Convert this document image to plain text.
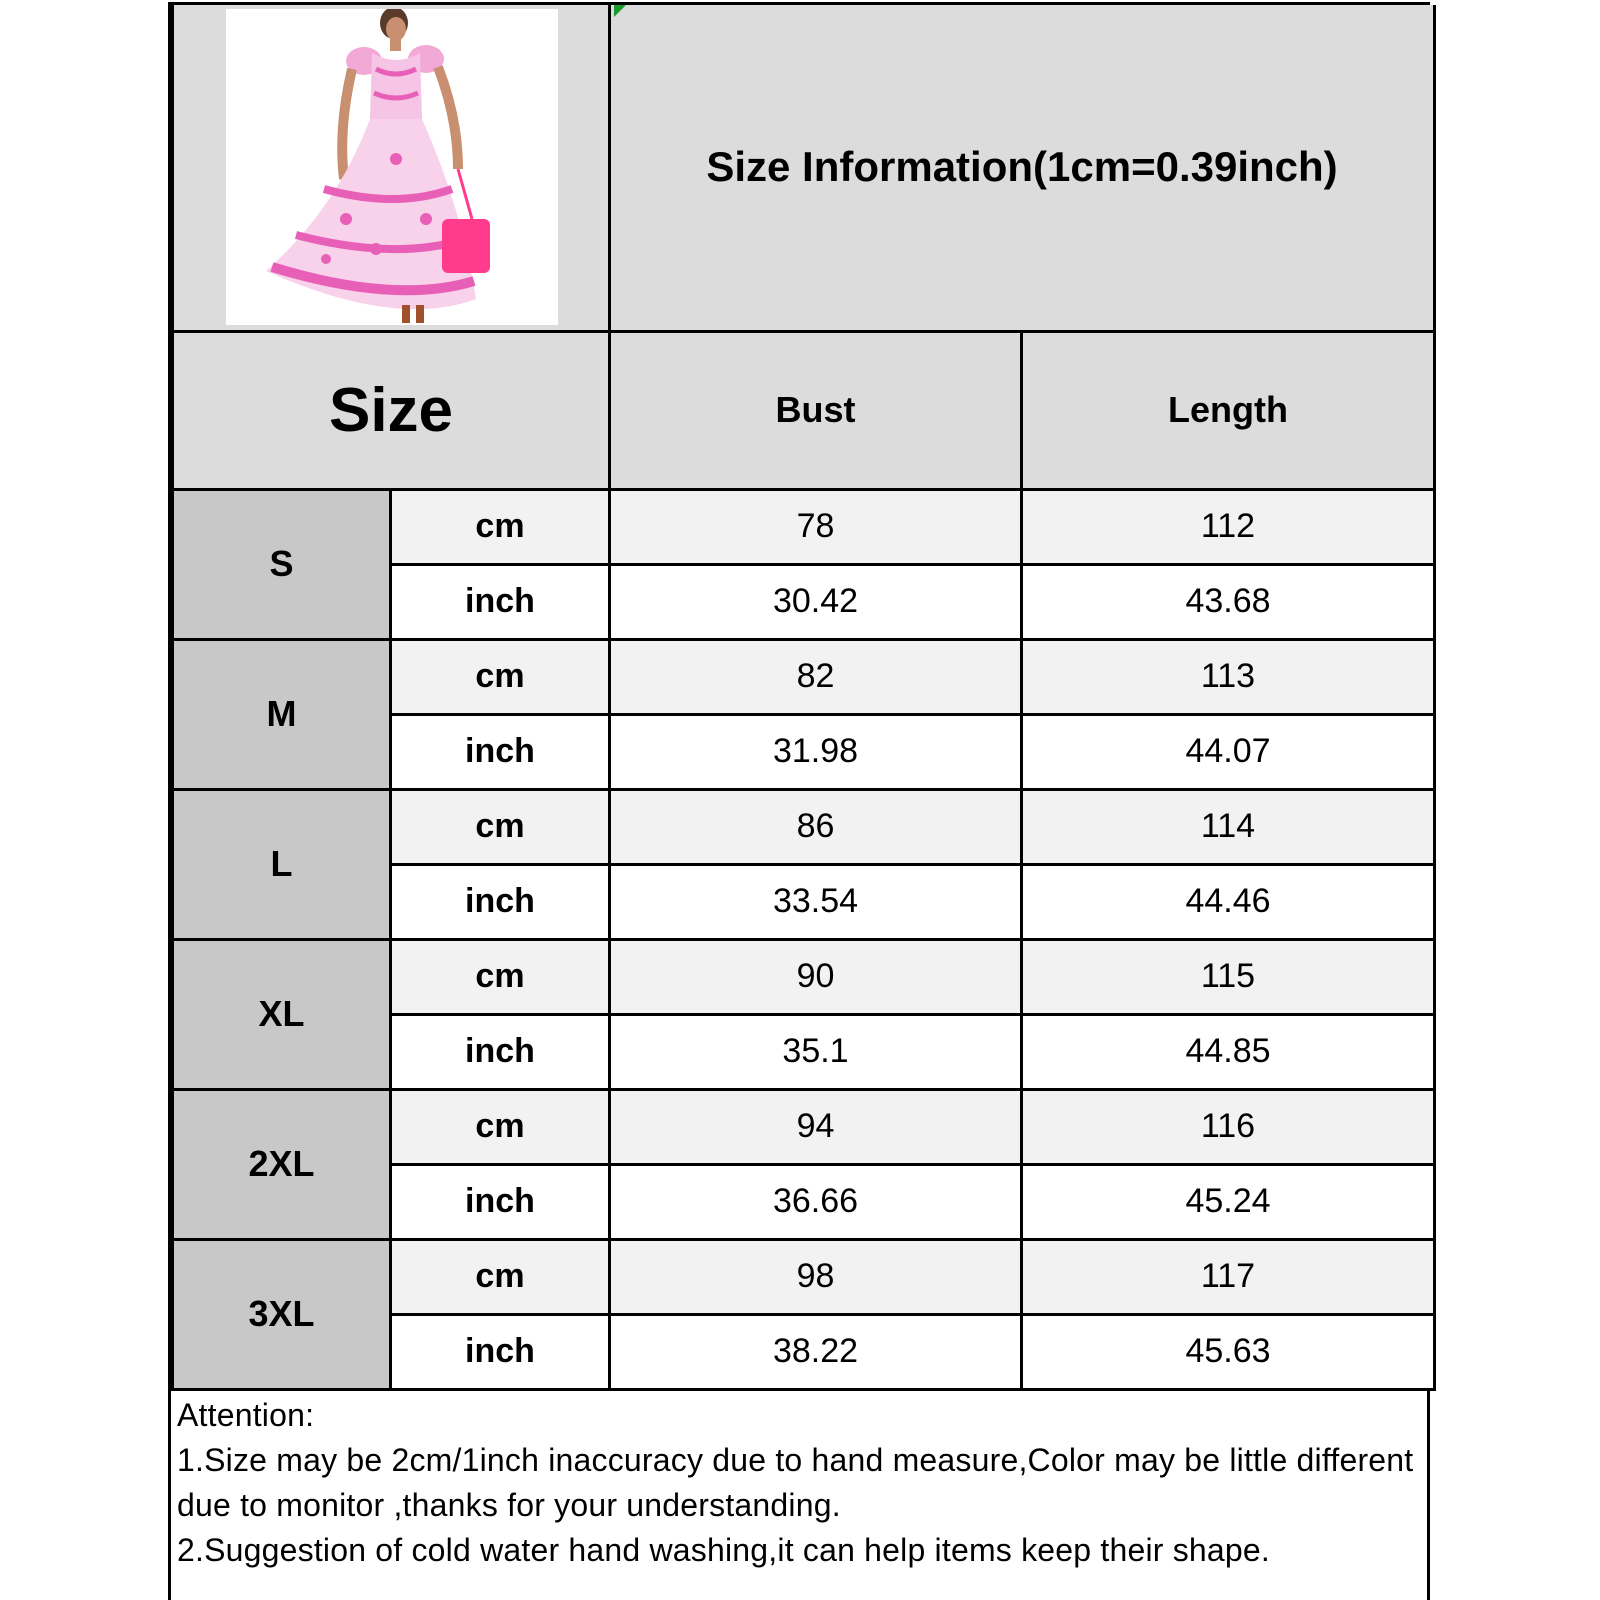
	Size Information(1cm=0.39inch)	
Size		Bust	Length
S	cm	78	112
	inch	30.42	43.68
M	cm	82	113
	inch	31.98	44.07
L	cm	86	114
	inch	33.54	44.46
XL	cm	90	115
	inch	35.1	44.85
2XL	cm	94	116
	inch	36.66	45.24
3XL	cm	98	117
	inch	38.22	45.63
Attention:
1.Size may be 2cm/1inch inaccuracy due to hand measure,Color may be little different due to monitor ,thanks for your understanding.
2.Suggestion of cold water hand washing,it can help items keep their shape.
